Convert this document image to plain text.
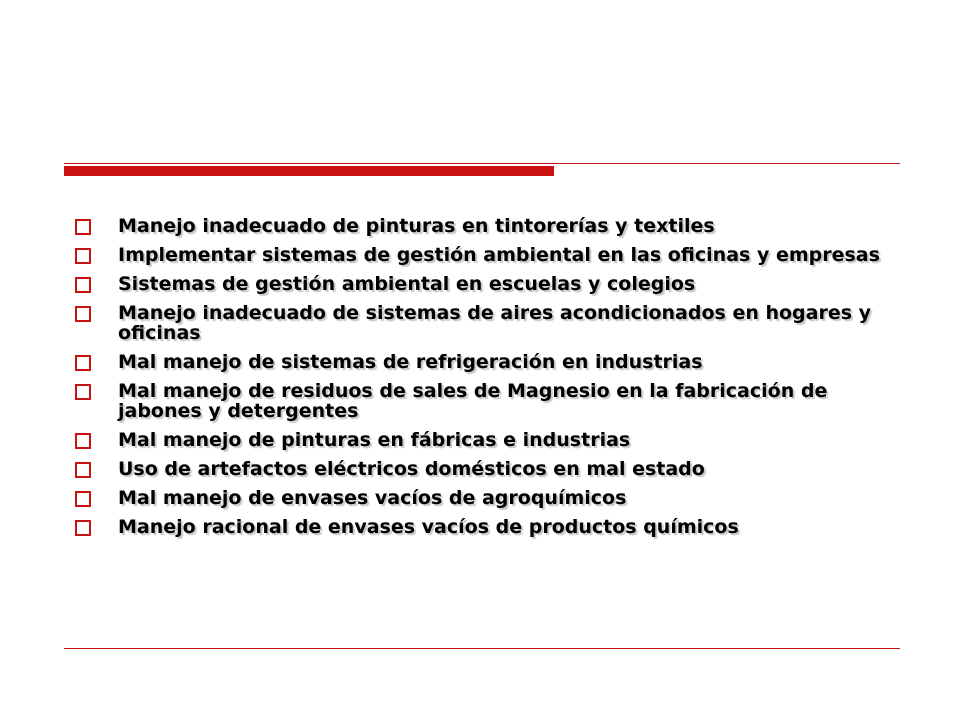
Manejo inadecuado de pinturas en tintorerías y textiles
Implementar sistemas de gestión ambiental en las oficinas y empresas
Sistemas de gestión ambiental en escuelas y colegios
Manejo inadecuado de sistemas de aires acondicionados en hogares y oficinas
Mal manejo de sistemas de refrigeración en industrias
Mal manejo de residuos de sales de Magnesio en la fabricación de jabones y detergentes
Mal manejo de pinturas en fábricas e industrias
Uso de artefactos eléctricos domésticos en mal estado
Mal manejo de envases vacíos de agroquímicos
Manejo racional de envases vacíos de productos químicos
